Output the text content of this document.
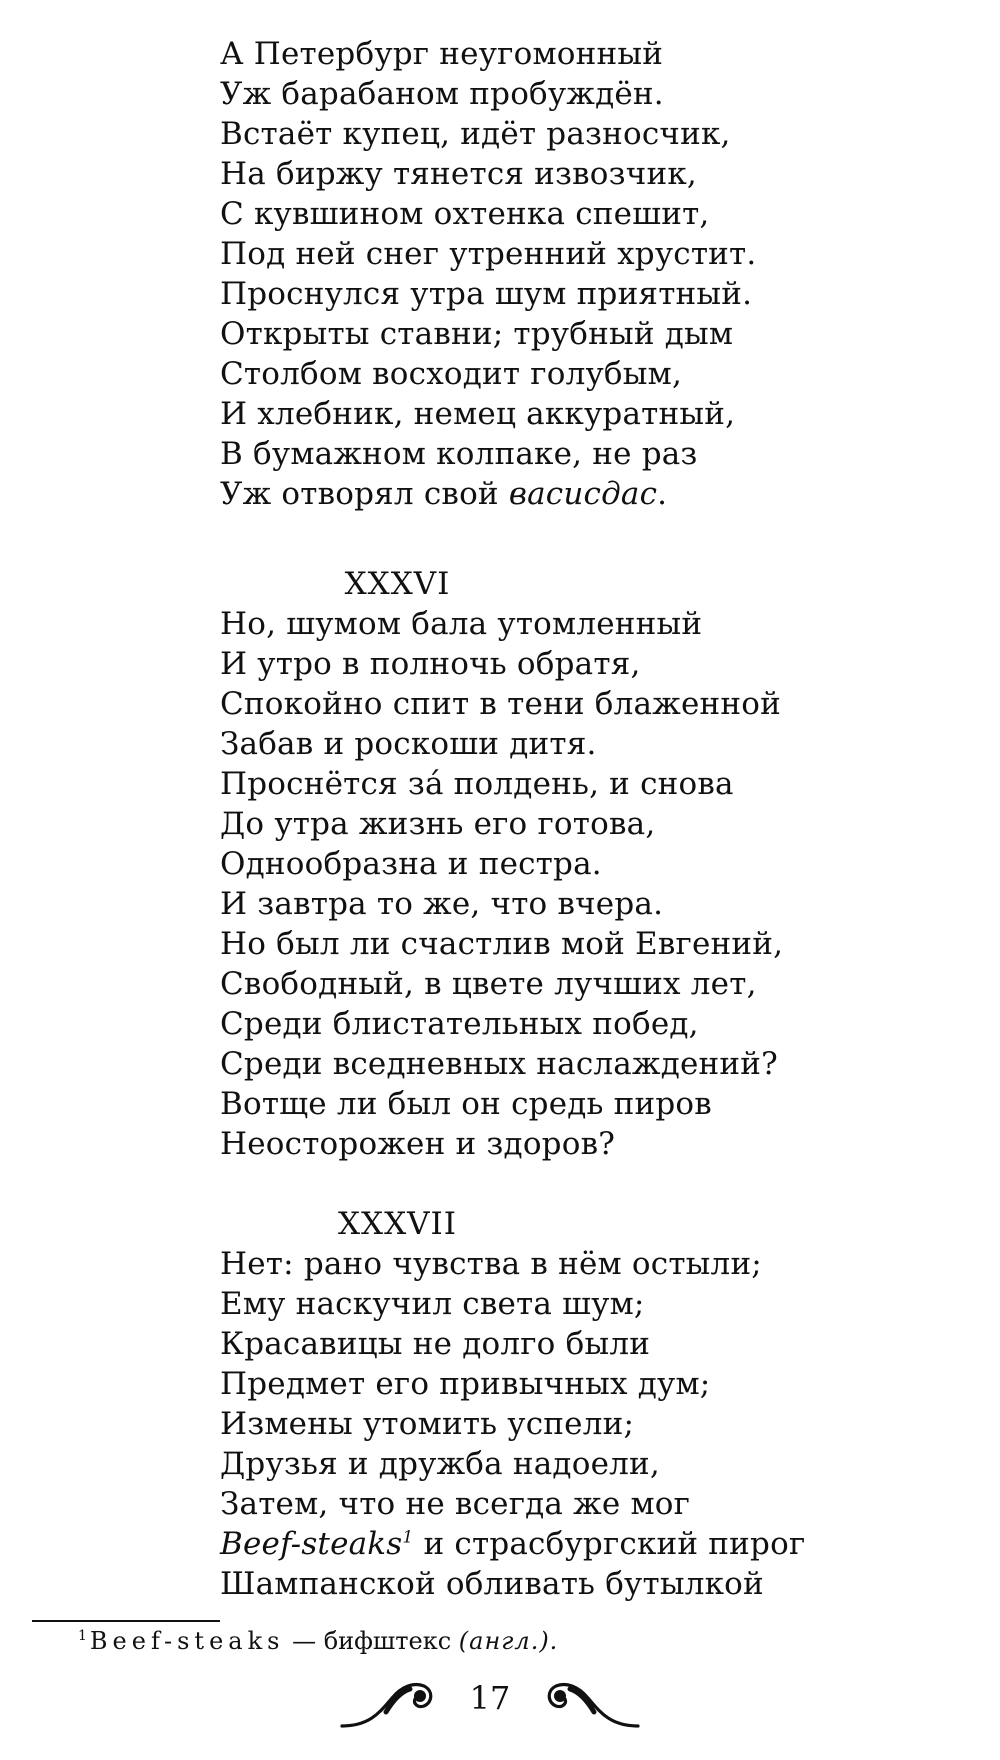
А Петербург неугомонный
Уж барабаном пробуждён.
Встаёт купец, идёт разносчик,
На биржу тянется извозчик,
С кувшином охтенка спешит,
Под ней снег утренний хрустит.
Проснулся утра шум приятный.
Открыты ставни; трубный дым
Столбом восходит голубым,
И хлебник, немец аккуратный,
В бумажном колпаке, не раз
Уж отворял свой васисдас.
XXXVI
Но, шумом бала утомленный
И утро в полночь обратя,
Спокойно спит в тени блаженной
Забав и роскоши дитя.
Проснётся за́ полдень, и снова
До утра жизнь его готова,
Однообразна и пестра.
И завтра то же, что вчера.
Но был ли счастлив мой Евгений,
Свободный, в цвете лучших лет,
Среди блистательных побед,
Среди вседневных наслаждений?
Вотще ли был он средь пиров
Неосторожен и здоров?
XXXVII
Нет: рано чувства в нём остыли;
Ему наскучил света шум;
Красавицы не долго были
Предмет его привычных дум;
Измены утомить успели;
Друзья и дружба надоели,
Затем, что не всегда же мог
Beef-steaks$^1$ и страсбургский пирог
Шампанской обливать бутылкой
$^1$ Beef-steaks — бифштекс (англ.).
17
